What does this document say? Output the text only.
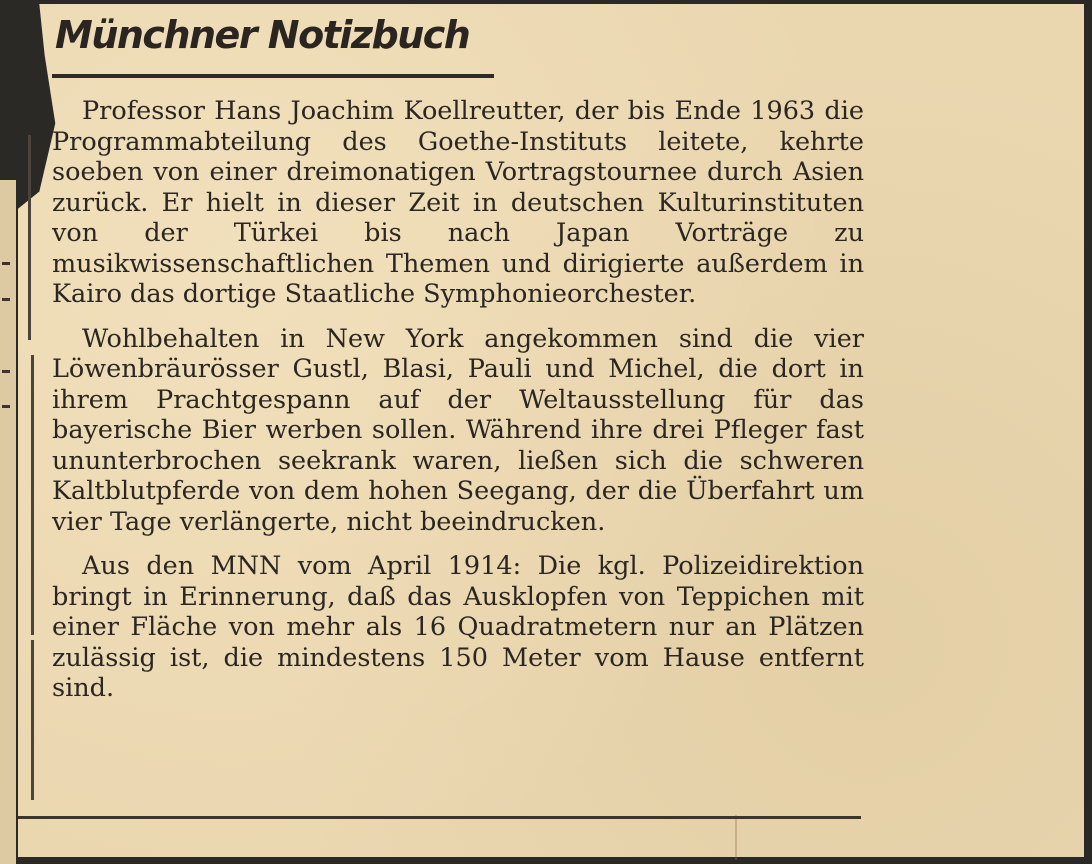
Münchner Notizbuch

Professor Hans Joachim Koellreutter, der bis Ende 1963 die Programmabteilung des Goethe-Instituts leitete, kehrte soeben von einer dreimonatigen Vortragstournee durch Asien zurück. Er hielt in dieser Zeit in deutschen Kulturinstituten von der Türkei bis nach Japan Vorträge zu musikwissenschaftlichen Themen und dirigierte außerdem in Kairo das dortige Staatliche Symphonieorchester.

Wohlbehalten in New York angekommen sind die vier Löwenbräurösser Gustl, Blasi, Pauli und Michel, die dort in ihrem Prachtgespann auf der Weltausstellung für das bayerische Bier werben sollen. Während ihre drei Pfleger fast ununterbrochen seekrank waren, ließen sich die schweren Kaltblutpferde von dem hohen Seegang, der die Überfahrt um vier Tage verlängerte, nicht beeindrucken.

Aus den MNN vom April 1914: Die kgl. Polizeidirektion bringt in Erinnerung, daß das Ausklopfen von Teppichen mit einer Fläche von mehr als 16 Quadratmetern nur an Plätzen zulässig ist, die mindestens 150 Meter vom Hause entfernt sind.
